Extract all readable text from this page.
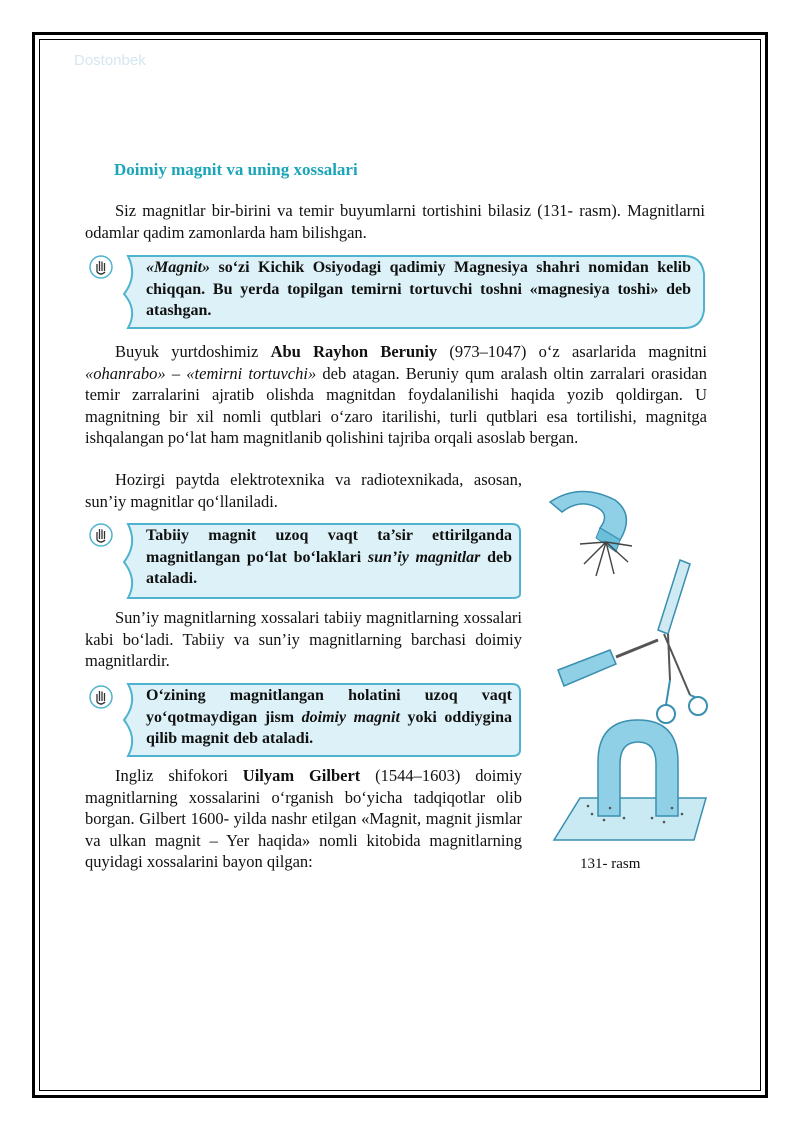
Dostonbek
Doimiy magnit va uning xossalari

Siz magnitlar bir-birini va temir buyumlarni tortishini bilasiz (131- rasm). Magnitlarni odamlar qadim zamonlarda ham bilishgan.

«Magnit» so‘zi Kichik Osiyodagi qadimiy Magnesiya shahri nomidan kelib chiqqan. Bu yerda topilgan temirni tortuvchi toshni «magnesiya toshi» deb atashgan.

Buyuk yurtdoshimiz Abu Rayhon Beruniy (973–1047) o‘z asarlarida magnitni «ohanrabo» – «temirni tortuvchi» deb atagan. Beruniy qum aralash oltin zarralari orasidan temir zarralarini ajratib olishda magnitdan foydalanilishi haqida yozib qoldirgan. U magnitning bir xil nomli qutblari o‘zaro itarilishi, turli qutblari esa tortilishi, magnitga ishqalangan po‘lat ham magnitlanib qolishini tajriba orqali asoslab bergan.

Hozirgi paytda elektrotexnika va radiotexnikada, asosan, sun’iy magnitlar qo‘llaniladi.

Tabiiy magnit uzoq vaqt ta’sir ettirilganda magnitlangan po‘lat bo‘laklari sun’iy magnitlar deb ataladi.

Sun’iy magnitlarning xossalari tabiiy magnitlarning xossalari kabi bo‘ladi. Tabiiy va sun’iy magnitlarning barchasi doimiy magnitlardir.

O‘zining magnitlangan holatini uzoq vaqt yo‘qotmaydigan jism doimiy magnit yoki oddiygina qilib magnit deb ataladi.

Ingliz shifokori Uilyam Gilbert (1544–1603) doimiy magnitlarning xossalarini o‘rganish bo‘yicha tadqiqotlar olib borgan. Gilbert 1600- yilda nashr etilgan «Magnit, magnit jismlar va ulkan magnit – Yer haqida» nomli kitobida magnitlarning quyidagi xossalarini bayon qilgan:	131- rasm
